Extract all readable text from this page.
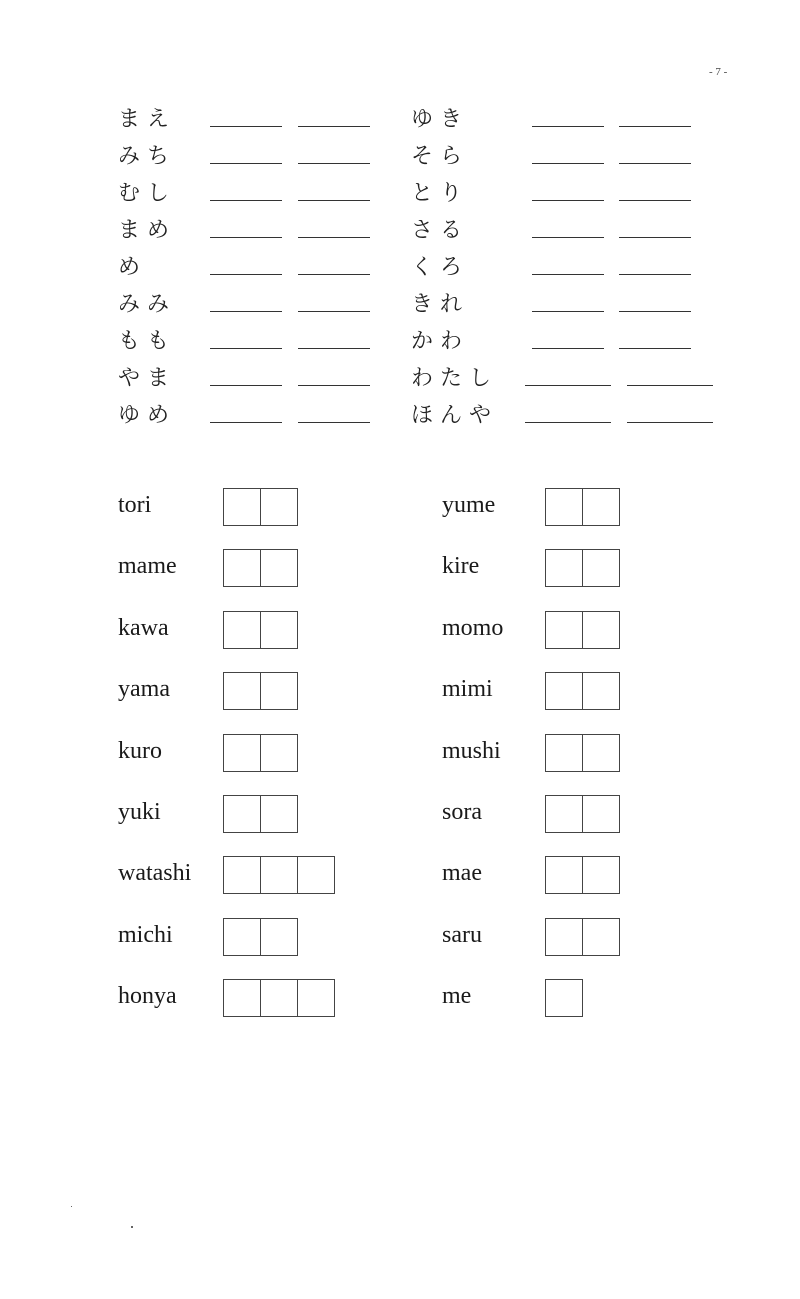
- 7 -
まえ
みち
むし
まめ
め
みみ
もも
やま
ゆめ
ゆき
そら
とり
さる
くろ
きれ
かわ
わたし
ほんや
tori
mame
kawa
yama
kuro
yuki
watashi
michi
honya
yume
kire
momo
mimi
mushi
sora
mae
saru
me
